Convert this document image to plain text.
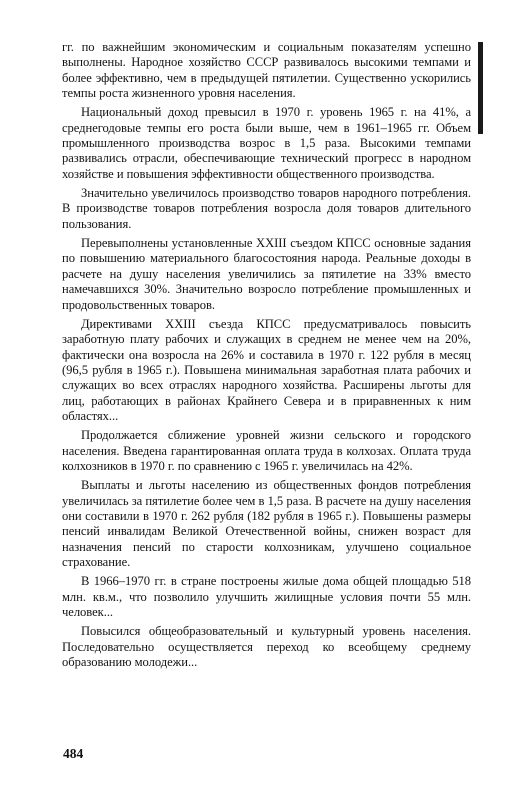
гг. по важнейшим экономическим и социальным показателям успешно выполнены. Народное хозяйство СССР развивалось высокими темпами и более эффективно, чем в предыдущей пятилетии. Существенно ускорились темпы роста жизненного уровня населения.

Национальный доход превысил в 1970 г. уровень 1965 г. на 41%, а среднегодовые темпы его роста были выше, чем в 1961–1965 гг. Объем промышленного производства возрос в 1,5 раза. Высокими темпами развивались отрасли, обеспечивающие технический прогресс в народном хозяйстве и повышения эффективности общественного производства.

Значительно увеличилось производство товаров народного потребления. В производстве товаров потребления возросла доля товаров длительного пользования.

Перевыполнены установленные XXIII съездом КПСС основные задания по повышению материального благосостояния народа. Реальные доходы в расчете на душу населения увеличились за пятилетие на 33% вместо намечавшихся 30%. Значительно возросло потребление промышленных и продовольственных товаров.

Директивами XXIII съезда КПСС предусматривалось повысить заработную плату рабочих и служащих в среднем не менее чем на 20%, фактически она возросла на 26% и составила в 1970 г. 122 рубля в месяц (96,5 рубля в 1965 г.). Повышена минимальная заработная плата рабочих и служащих во всех отраслях народного хозяйства. Расширены льготы для лиц, работающих в районах Крайнего Севера и в приравненных к ним областях...

Продолжается сближение уровней жизни сельского и городского населения. Введена гарантированная оплата труда в колхозах. Оплата труда колхозников в 1970 г. по сравнению с 1965 г. увеличилась на 42%.

Выплаты и льготы населению из общественных фондов потребления увеличилась за пятилетие более чем в 1,5 раза. В расчете на душу населения они составили в 1970 г. 262 рубля (182 рубля в 1965 г.). Повышены размеры пенсий инвалидам Великой Отечественной войны, снижен возраст для назначения пенсий по старости колхозникам, улучшено социальное страхование.

В 1966–1970 гг. в стране построены жилые дома общей площадью 518 млн. кв.м., что позволило улучшить жилищные условия почти 55 млн. человек...

Повысился общеобразовательный и культурный уровень населения. Последовательно осуществляется переход ко всеобщему среднему образованию молодежи...

484
